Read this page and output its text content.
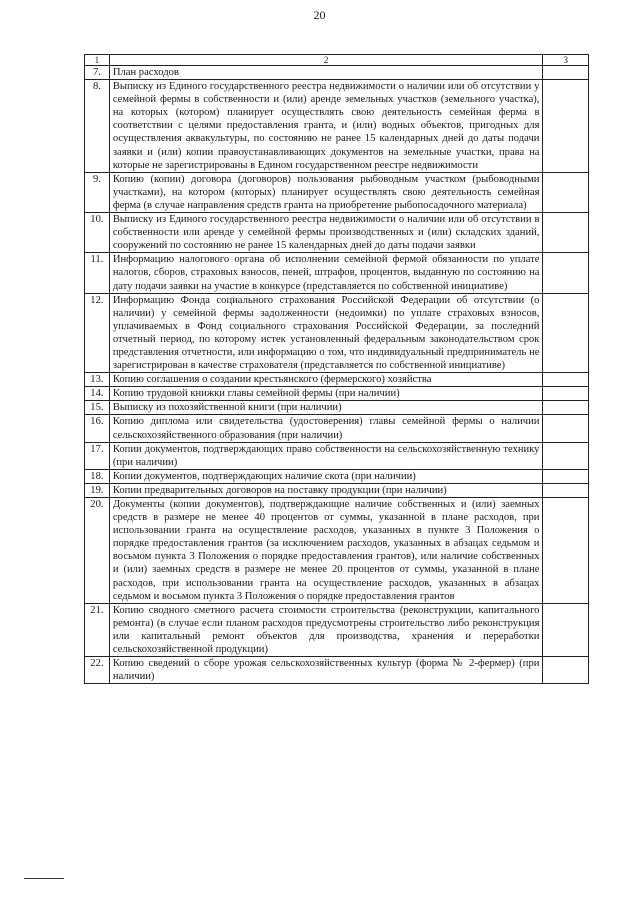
20
1	2	3
7.	План расходов	
8.	Выписку из Единого государственного реестра недвижимости о наличии или об отсутствии у семейной фермы в собственности и (или) аренде земельных участков (земельного участка), на которых (котором) планирует осуществлять свою деятельность семейная ферма в соответствии с целями предоставления гранта, и (или) водных объектов, пригодных для осуществления аквакультуры, по состоянию не ранее 15 календарных дней до даты подачи заявки и (или) копии правоустанавливающих документов на земельные участки, права на которые не зарегистрированы в Едином государственном реестре недвижимости	
9.	Копию (копии) договора (договоров) пользования рыбоводным участком (рыбоводными участками), на котором (которых) планирует осуществлять свою деятельность семейная ферма (в случае направления средств гранта на приобретение рыбопосадочного материала)	
10.	Выписку из Единого государственного реестра недвижимости о наличии или об отсутствии в собственности или аренде у семейной фермы производственных и (или) складских зданий, сооружений по состоянию не ранее 15 календарных дней до даты подачи заявки	
11.	Информацию налогового органа об исполнении семейной фермой обязанности по уплате налогов, сборов, страховых взносов, пеней, штрафов, процентов, выданную по состоянию на дату подачи заявки на участие в конкурсе (представляется по собственной инициативе)	
12.	Информацию Фонда социального страхования Российской Федерации об отсутствии (о наличии) у семейной фермы задолженности (недоимки) по уплате страховых взносов, уплачиваемых в Фонд социального страхования Российской Федерации, за последний отчетный период, по которому истек установленный федеральным законодательством срок представления отчетности, или информацию о том, что индивидуальный предприниматель не зарегистрирован в качестве страхователя (представляется по собственной инициативе)	
13.	Копию соглашения о создании крестьянского (фермерского) хозяйства	
14.	Копию трудовой книжки главы семейной фермы (при наличии)	
15.	Выписку из похозяйственной книги (при наличии)	
16.	Копию диплома или свидетельства (удостоверения) главы семейной фермы о наличии сельскохозяйственного образования (при наличии)	
17.	Копии документов, подтверждающих право собственности на сельскохозяйственную технику (при наличии)	
18.	Копии документов, подтверждающих наличие скота (при наличии)	
19.	Копии предварительных договоров на поставку продукции (при наличии)	
20.	Документы (копии документов), подтверждающие наличие собственных и (или) заемных средств в размере не менее 40 процентов от суммы, указанной в плане расходов, при использовании гранта на осуществление расходов, указанных в пункте 3 Положения о порядке предоставления грантов (за исключением расходов, указанных в абзацах седьмом и восьмом пункта 3 Положения о порядке предоставления грантов), или наличие собственных и (или) заемных средств в размере не менее 20 процентов от суммы, указанной в плане расходов, при использовании гранта на осуществление расходов, указанных в абзацах седьмом и восьмом пункта 3 Положения о порядке предоставления грантов	
21.	Копию сводного сметного расчета стоимости строительства (реконструкции, капитального ремонта) (в случае если планом расходов предусмотрены строительство либо реконструкция или капитальный ремонт объектов для производства, хранения и переработки сельскохозяйственной продукции)	
22.	Копию сведений о сборе урожая сельскохозяйственных культур (форма № 2-фермер) (при наличии)	
